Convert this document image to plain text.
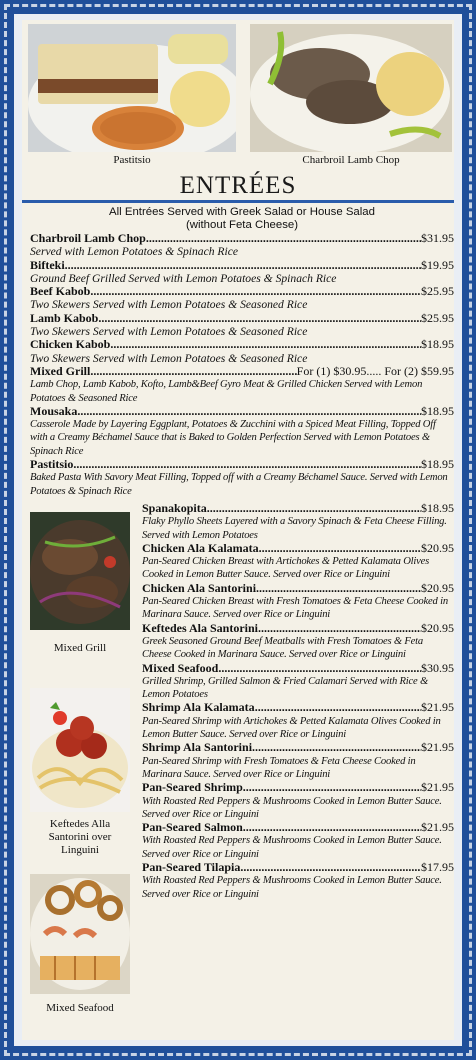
Pastitsio	Charbroil Lamb Chop
ENTRÉES
All Entrées Served with Greek Salad or House Salad (without Feta Cheese)
Charbroil Lamb Chop .....	$31.95
Served with Lemon Potatoes & Spinach Rice
Bifteki .....	$19.95
Ground Beef Grilled Served with Lemon Potatoes & Spinach Rice
Beef Kabob .....	$25.95
Two Skewers Served with Lemon Potatoes & Seasoned Rice
Lamb Kabob .....	$25.95
Two Skewers Served with Lemon Potatoes & Seasoned Rice
Chicken Kabob .....	$18.95
Two Skewers Served with Lemon Potatoes & Seasoned Rice
Mixed Grill .....	For (1) $30.95..... For (2) $59.95
Lamb Chop, Lamb Kabob, Kofto, Lamb&Beef Gyro Meat & Grilled Chicken Served with Lemon Potatoes & Seasoned Rice
Mousaka .....	$18.95
Casserole Made by Layering Eggplant, Potatoes & Zucchini with a Spiced Meat Filling, Topped Off with a Creamy Béchamel Sauce that is Baked to Golden Perfection Served with Lemon Potatoes & Spinach Rice
Pastitsio .....	$18.95
Baked Pasta With Savory Meat Filling, Topped off with a Creamy Béchamel Sauce. Served with Lemon Potatoes & Spinach Rice
Mixed Grill
Keftedes Alla Santorini over Linguini
Mixed Seafood
Spanakopita .....	$18.95
Flaky Phyllo Sheets Layered with a Savory Spinach & Feta Cheese Filling. Served with Lemon Potatoes
Chicken Ala Kalamata .....	$20.95
Pan-Seared Chicken Breast with Artichokes & Petted Kalamata Olives Cooked in Lemon Butter Sauce. Served over Rice or Linguini
Chicken Ala Santorini .....	$20.95
Pan-Seared Chicken Breast with Fresh Tomatoes & Feta Cheese Cooked in Marinara Sauce. Served over Rice or Linguini
Keftedes Ala Santorini .....	$20.95
Greek Seasoned Ground Beef Meatballs with Fresh Tomatoes & Feta Cheese Cooked in Marinara Sauce. Served over Rice or Linguini
Mixed Seafood .....	$30.95
Grilled Shrimp, Grilled Salmon & Fried Calamari Served with Rice & Lemon Potatoes
Shrimp Ala Kalamata .....	$21.95
Pan-Seared Shrimp with Artichokes & Petted Kalamata Olives Cooked in Lemon Butter Sauce. Served over Rice or Linguini
Shrimp Ala Santorini .....	$21.95
Pan-Seared Shrimp with Fresh Tomatoes & Feta Cheese Cooked in Marinara Sauce. Served over Rice or Linguini
Pan-Seared Shrimp .....	$21.95
With Roasted Red Peppers & Mushrooms Cooked in Lemon Butter Sauce. Served over Rice or Linguini
Pan-Seared Salmon .....	$21.95
With Roasted Red Peppers & Mushrooms Cooked in Lemon Butter Sauce. Served over Rice or Linguini
Pan-Seared Tilapia .....	$17.95
With Roasted Red Peppers & Mushrooms Cooked in Lemon Butter Sauce. Served over Rice or Linguini
